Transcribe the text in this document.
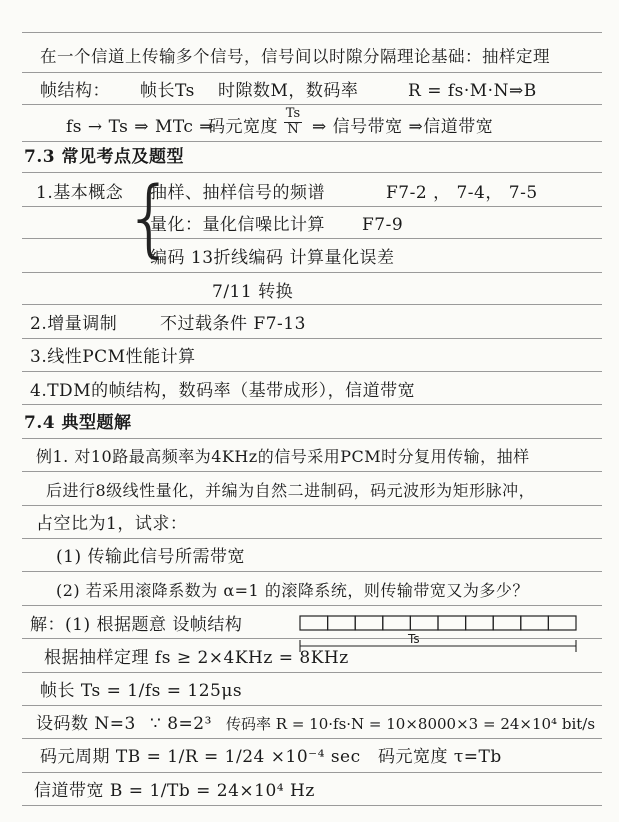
在一个信道上传输多个信号，信号间以时隙分隔理论基础：抽样定理
帧结构： 帧长Ts 时隙数M，数码率	R = fs·M·N⇒B
fs → Ts ⇒ MTc ⇒
码元宽度
Ts
N ⇒ 信号带宽 ⇒信道带宽
7.3 常见考点及题型
1.基本概念 {
抽样、抽样信号的频谱	F7-2 ， 7-4， 7-5
量化：量化信噪比计算 F7-9
编码 13折线编码 计算量化误差
7/11 转换
2.增量调制	不过载条件 F7-13
3.线性PCM性能计算
4.TDM的帧结构，数码率（基带成形），信道带宽
7.4 典型题解
例1. 对10路最高频率为4KHz的信号采用PCM时分复用传输，抽样
后进行8级线性量化，并编为自然二进制码，码元波形为矩形脉冲，
占空比为1，试求：
(1) 传输此信号所需带宽
(2) 若采用滚降系数为 α=1 的滚降系统，则传输带宽又为多少？
解：(1) 根据题意 设帧结构
Ts
根据抽样定理 fs ≥ 2×4KHz = 8KHz
帧长 Ts = 1/fs = 125μs
设码数 N=3 ∵ 8=2³ 传码率 R = 10·fs·N = 10×8000×3 = 24×10⁴ bit/s
码元周期 TB = 1/R = 1/24 ×10⁻⁴ sec 码元宽度 τ=Tb
信道带宽 B = 1/Tb = 24×10⁴ Hz
